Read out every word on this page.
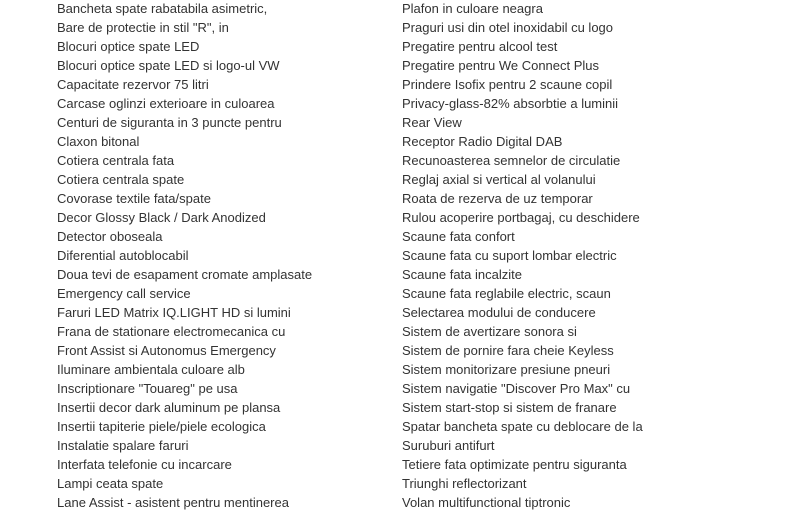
Bancheta spate rabatabila asimetric,
Bare de protectie in stil "R", in
Blocuri optice spate LED
Blocuri optice spate LED si logo-ul VW
Capacitate rezervor 75 litri
Carcase oglinzi exterioare in culoarea
Centuri de siguranta in 3 puncte pentru
Claxon bitonal
Cotiera centrala fata
Cotiera centrala spate
Covorase textile fata/spate
Decor Glossy Black / Dark Anodized
Detector oboseala
Diferential autoblocabil
Doua tevi de esapament cromate amplasate
Emergency call service
Faruri LED Matrix IQ.LIGHT HD si lumini
Frana de stationare electromecanica cu
Front Assist si Autonomus Emergency
Iluminare ambientala culoare alb
Inscriptionare "Touareg" pe usa
Insertii decor dark aluminum pe plansa
Insertii tapiterie piele/piele ecologica
Instalatie spalare faruri
Interfata telefonie cu incarcare
Lampi ceata spate
Lane Assist - asistent pentru mentinerea
Plafon in culoare neagra
Praguri usi din otel inoxidabil cu logo
Pregatire pentru alcool test
Pregatire pentru We Connect Plus
Prindere Isofix pentru 2 scaune copil
Privacy-glass-82% absorbtie a luminii
Rear View
Receptor Radio Digital DAB
Recunoasterea semnelor de circulatie
Reglaj axial si vertical al volanului
Roata de rezerva de uz temporar
Rulou acoperire portbagaj, cu deschidere
Scaune fata confort
Scaune fata cu suport lombar electric
Scaune fata incalzite
Scaune fata reglabile electric, scaun
Selectarea modului de conducere
Sistem de avertizare sonora si
Sistem de pornire fara cheie Keyless
Sistem monitorizare presiune pneuri
Sistem navigatie "Discover Pro Max" cu
Sistem start-stop si sistem de franare
Spatar bancheta spate cu deblocare de la
Suruburi antifurt
Tetiere fata optimizate pentru siguranta
Triunghi reflectorizant
Volan multifunctional tiptronic
